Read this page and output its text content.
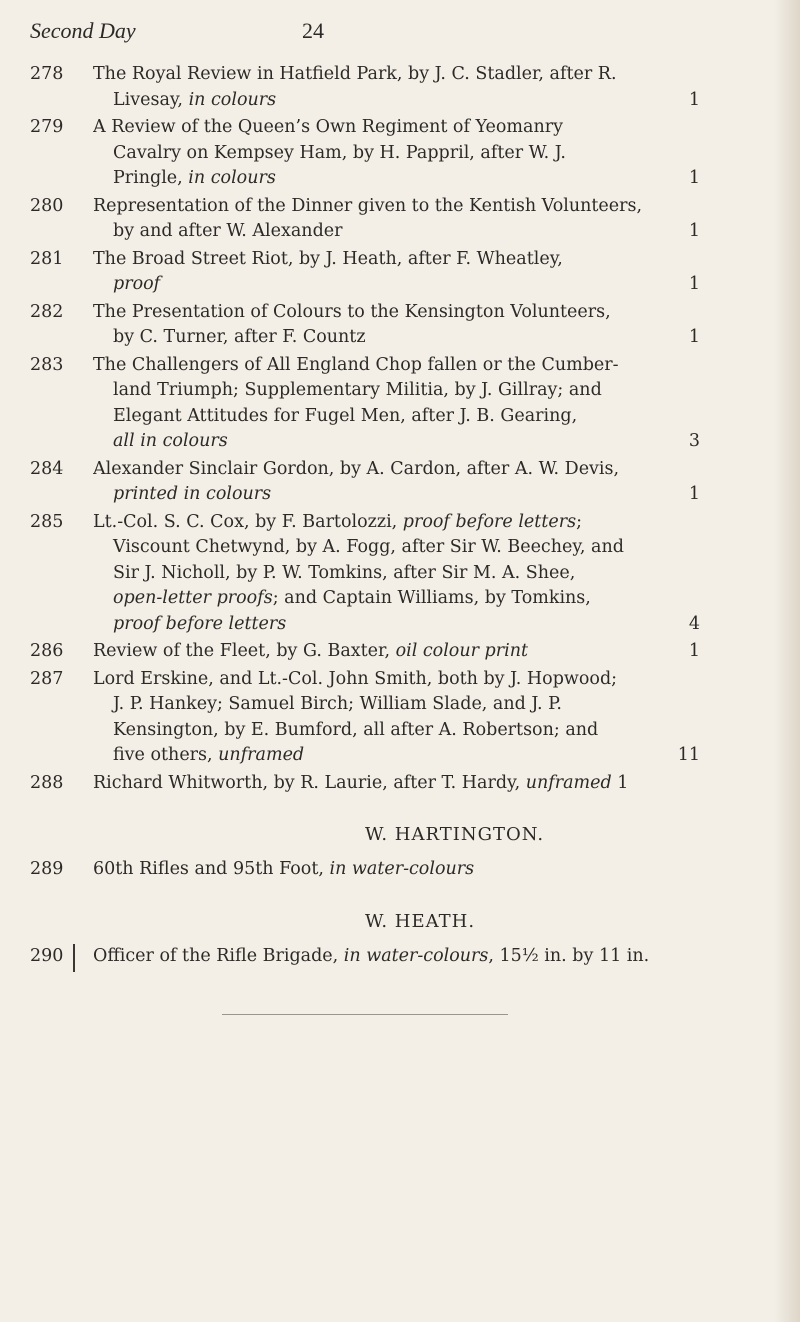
Second Day	24
278	The Royal Review in Hatfield Park, by J. C. Stadler, after R.
Livesay, in colours	1
279	A Review of the Queen’s Own Regiment of Yeomanry
Cavalry on Kempsey Ham, by H. Pappril, after W. J.
Pringle, in colours	1
280	Representation of the Dinner given to the Kentish Volunteers,
by and after W. Alexander	1
281	The Broad Street Riot, by J. Heath, after F. Wheatley,
proof	1
282	The Presentation of Colours to the Kensington Volunteers,
by C. Turner, after F. Countz	1
283	The Challengers of All England Chop fallen or the Cumber-
land Triumph; Supplementary Militia, by J. Gillray; and
Elegant Attitudes for Fugel Men, after J. B. Gearing,
all in colours	3
284	Alexander Sinclair Gordon, by A. Cardon, after A. W. Devis,
printed in colours	1
285	Lt.-Col. S. C. Cox, by F. Bartolozzi, proof before letters;
Viscount Chetwynd, by A. Fogg, after Sir W. Beechey, and
Sir J. Nicholl, by P. W. Tomkins, after Sir M. A. Shee,
open-letter proofs; and Captain Williams, by Tomkins,
proof before letters	4
286	Review of the Fleet, by G. Baxter, oil colour print	1
287	Lord Erskine, and Lt.-Col. John Smith, both by J. Hopwood;
J. P. Hankey; Samuel Birch; William Slade, and J. P.
Kensington, by E. Bumford, all after A. Robertson; and
five others, unframed	11
288	Richard Whitworth, by R. Laurie, after T. Hardy, unframed 1
W. HARTINGTON.
289	60th Rifles and 95th Foot, in water-colours
W. HEATH.
290	Officer of the Rifle Brigade, in water-colours, 15½ in. by 11 in.
